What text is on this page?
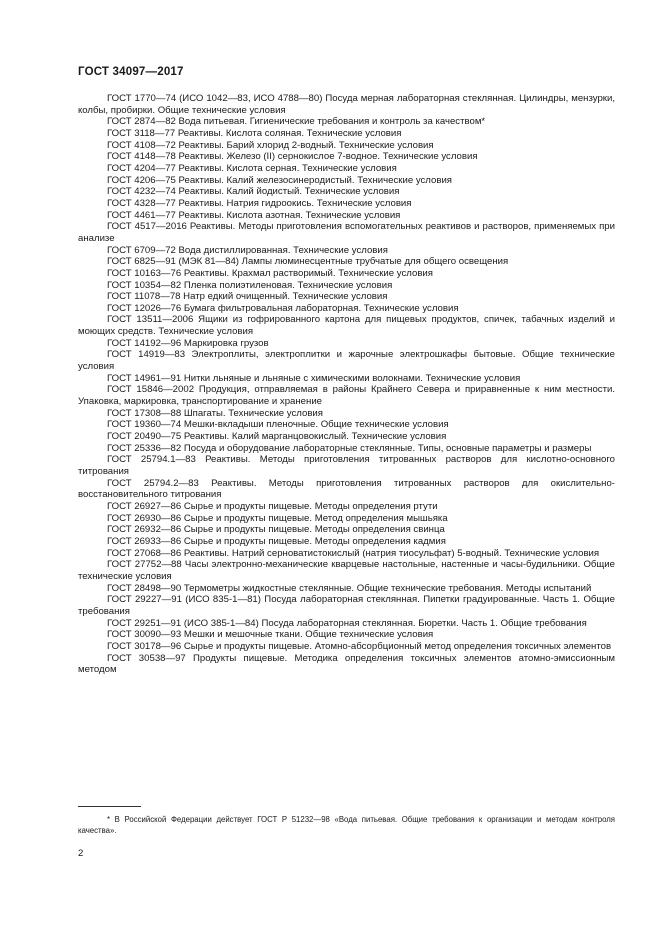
ГОСТ 34097—2017
ГОСТ 1770—74 (ИСО 1042—83, ИСО 4788—80) Посуда мерная лабораторная стеклянная. Цилиндры, мензурки, колбы, пробирки. Общие технические условия
ГОСТ 2874—82 Вода питьевая. Гигиенические требования и контроль за качеством*
ГОСТ 3118—77 Реактивы. Кислота соляная. Технические условия
ГОСТ 4108—72 Реактивы. Барий хлорид 2-водный. Технические условия
ГОСТ 4148—78 Реактивы. Железо (II) сернокислое 7-водное. Технические условия
ГОСТ 4204—77 Реактивы. Кислота серная. Технические условия
ГОСТ 4206—75 Реактивы. Калий железосинеродистый. Технические условия
ГОСТ 4232—74 Реактивы. Калий йодистый. Технические условия
ГОСТ 4328—77 Реактивы. Натрия гидроокись. Технические условия
ГОСТ 4461—77 Реактивы. Кислота азотная. Технические условия
ГОСТ 4517—2016 Реактивы. Методы приготовления вспомогательных реактивов и растворов, применяемых при анализе
ГОСТ 6709—72 Вода дистиллированная. Технические условия
ГОСТ 6825—91 (МЭК 81—84) Лампы люминесцентные трубчатые для общего освещения
ГОСТ 10163—76 Реактивы. Крахмал растворимый. Технические условия
ГОСТ 10354—82 Пленка полиэтиленовая. Технические условия
ГОСТ 11078—78 Натр едкий очищенный. Технические условия
ГОСТ 12026—76 Бумага фильтровальная лабораторная. Технические условия
ГОСТ 13511—2006 Ящики из гофрированного картона для пищевых продуктов, спичек, табачных изделий и моющих средств. Технические условия
ГОСТ 14192—96 Маркировка грузов
ГОСТ 14919—83 Электроплиты, электроплитки и жарочные электрошкафы бытовые. Общие технические условия
ГОСТ 14961—91 Нитки льняные и льняные с химическими волокнами. Технические условия
ГОСТ 15846—2002 Продукция, отправляемая в районы Крайнего Севера и приравненные к ним местности. Упаковка, маркировка, транспортирование и хранение
ГОСТ 17308—88 Шпагаты. Технические условия
ГОСТ 19360—74 Мешки-вкладыши пленочные. Общие технические условия
ГОСТ 20490—75 Реактивы. Калий марганцовокислый. Технические условия
ГОСТ 25336—82 Посуда и оборудование лабораторные стеклянные. Типы, основные параметры и размеры
ГОСТ 25794.1—83 Реактивы. Методы приготовления титрованных растворов для кислотно-основного титрования
ГОСТ 25794.2—83 Реактивы. Методы приготовления титрованных растворов для окислительно-восстановительного титрования
ГОСТ 26927—86 Сырье и продукты пищевые. Методы определения ртути
ГОСТ 26930—86 Сырье и продукты пищевые. Метод определения мышьяка
ГОСТ 26932—86 Сырье и продукты пищевые. Методы определения свинца
ГОСТ 26933—86 Сырье и продукты пищевые. Методы определения кадмия
ГОСТ 27068—86 Реактивы. Натрий серноватистокислый (натрия тиосульфат) 5-водный. Технические условия
ГОСТ 27752—88 Часы электронно-механические кварцевые настольные, настенные и часы-будильники. Общие технические условия
ГОСТ 28498—90 Термометры жидкостные стеклянные. Общие технические требования. Методы испытаний
ГОСТ 29227—91 (ИСО 835-1—81) Посуда лабораторная стеклянная. Пипетки градуированные. Часть 1. Общие требования
ГОСТ 29251—91 (ИСО 385-1—84) Посуда лабораторная стеклянная. Бюретки. Часть 1. Общие требования
ГОСТ 30090—93 Мешки и мешочные ткани. Общие технические условия
ГОСТ 30178—96 Сырье и продукты пищевые. Атомно-абсорбционный метод определения токсичных элементов
ГОСТ 30538—97 Продукты пищевые. Методика определения токсичных элементов атомно-эмиссионным методом
* В Российской Федерации действует ГОСТ Р 51232—98 «Вода питьевая. Общие требования к организации и методам контроля качества».
2
